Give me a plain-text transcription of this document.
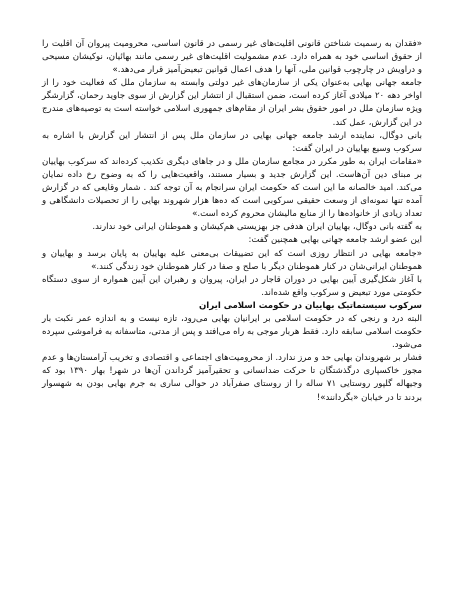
«فقدان به رسمیت شناختن قانونی اقلیت‌های غیر رسمی در قانون اساسی، محرومیت پیروان آن اقلیت را از حقوق اساسی خود به همراه دارد. عدم مشمولیت اقلیت‌های غیر رسمی مانند بهائیان، نوکیشان مسیحی و دراویش در چارچوب قوانین ملی، آنها را هدف اعمال قوانین تبعیض‌آمیز قرار می‌دهد.»

جامعه جهانی بهایی به‌عنوان یکی از سازمان‌های غیر دولتی وابسته به سازمان ملل که فعالیت خود را از اواخر دهه ۲۰ میلادی آغاز کرده است، ضمن استقبال از انتشار این گزارش از سوی جاوید رحمان، گزارشگر ویژه سازمان ملل در امور حقوق بشر ایران از مقام‌های جمهوری اسلامی خواسته است به توصیه‌های مندرج در این گزارش، عمل کند.

بانی دوگال، نماینده ارشد جامعه جهانی بهایی در سازمان ملل پس از انتشار این گزارش با اشاره به سرکوب وسیع بهاییان در ایران گفت:

«مقامات ایران به طور مکرر در مجامع سازمان ملل و در جاهای دیگری تکذیب کرده‌اند که سرکوب بهاییان بر مبنای دین آن‌هاست. این گزارش جدید و بسیار مستند، واقعیت‌هایی را که به وضوح رخ داده نمایان می‌کند. امید خالصانه ما این است که حکومت ایران سرانجام به آن توجه کند . شمار وقایعی که در گزارش آمده تنها نمونه‌ای از وسعت حقیقی سرکوبی است که ده‌ها هزار شهروند بهایی را از تحصیلات دانشگاهی و تعداد زیادی از خانواده‌ها را از منابع مالیشان محروم کرده است.»

به گفته بانی دوگال، بهاییان ایران هدفی جز بهزیستی هم‌کیشان و هموطنان ایرانی خود ندارند.

این عضو ارشد جامعه جهانی بهایی همچنین گفت:

«جامعه بهایی در انتظار روزی است که این تضییقات بی‌معنی علیه بهاییان به پایان برسد و بهاییان و هموطنان ایرانی‌شان در کنار هموطنان دیگر با صلح و صفا در کنار هموطنان خود زندگی کنند.»

با آغاز شکل‌گیری آیین بهایی در دوران قاجار در ایران، پیروان و رهبران این آیین همواره از سوی دستگاه حکومتی مورد تبعیض و سرکوب واقع شده‌اند.

سرکوب سیستماتیک بهاییان در حکومت اسلامی ایران

البته درد و رنجی که در حکومت اسلامی بر ایرانیان بهایی می‌رود، تازه نیست و به اندازه عمر نکبت بار حکومت اسلامی سابقه دارد. فقط هربار موجی به راه می‌افتد و پس از مدتی، متاسفانه به فراموشی سپرده می‌شود.

فشار بر شهروندان بهایی حد و مرز ندارد. از محرومیت‌های اجتماعی و اقتصادی و تخریب آرامستان‌ها و عدم مجوز خاکسپاری درگذشتگان تا حرکت ضدانسانی و تحقیرآمیز گرداندن آن‌ها در شهر! بهار ۱۳۹۰ بود که وجیهاله گلپور روستایی ۷۱ ساله را از روستای صفرآباد در حوالی ساری به جرم بهایی بودن به شهسوار بردند تا در خیابان «بگردانند»!
